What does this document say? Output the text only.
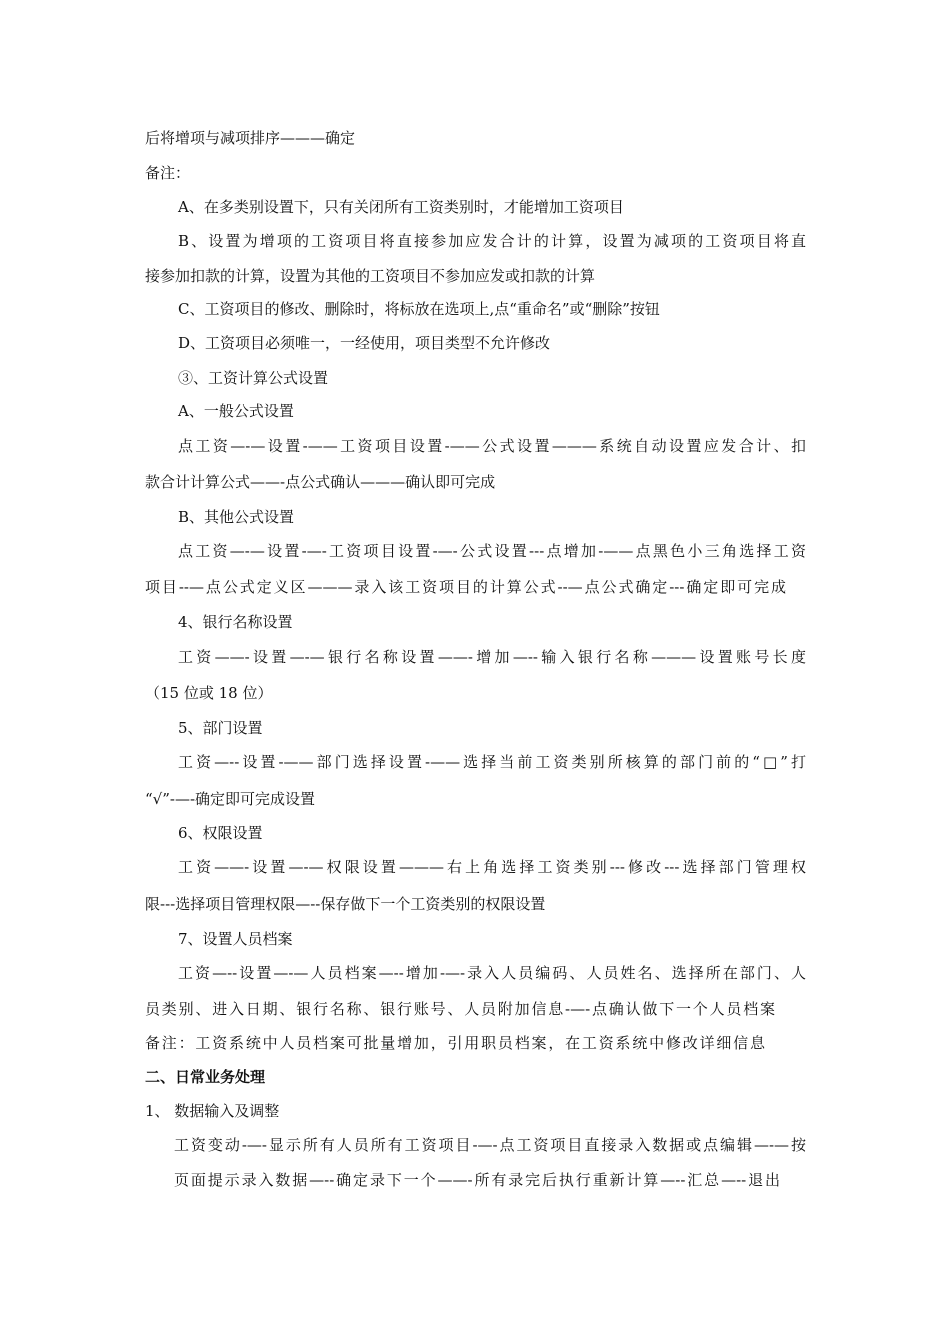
后将增项与减项排序———确定
备注：
A、在多类别设置下，只有关闭所有工资类别时，才能增加工资项目
B、设置为增项的工资项目将直接参加应发合计的计算，设置为减项的工资项目将直
接参加扣款的计算，设置为其他的工资项目不参加应发或扣款的计算
C、工资项目的修改、删除时，将标放在选项上,点“重命名”或“删除”按钮
D、工资项目必须唯一，一经使用，项目类型不允许修改
③、工资计算公式设置
A、一般公式设置
点工资—-—设置-——工资项目设置-——公式设置———系统自动设置应发合计、扣
款合计计算公式——-点公式确认———确认即可完成
B、其他公式设置
点工资—-—设置-—-工资项目设置-—-公式设置---点增加-——点黑色小三角选择工资
项目--—点公式定义区———录入该工资项目的计算公式--—点公式确定---确定即可完成
4、银行名称设置
工资——-设置—-—银行名称设置——-增加—--输入银行名称———设置账号长度
（15 位或 18 位）
5、部门设置
工资—--设置-——部门选择设置-——选择当前工资类别所核算的部门前的“□”打
“√”-—-确定即可完成设置
6、权限设置
工资——-设置—-—权限设置———右上角选择工资类别---修改---选择部门管理权
限---选择项目管理权限—--保存做下一个工资类别的权限设置
7、设置人员档案
工资—--设置—-—人员档案—--增加-—-录入人员编码、人员姓名、选择所在部门、人
员类别、进入日期、银行名称、银行账号、人员附加信息-—-点确认做下一个人员档案
备注：工资系统中人员档案可批量增加，引用职员档案，在工资系统中修改详细信息
二、日常业务处理
1、 数据输入及调整
工资变动-—-显示所有人员所有工资项目-—-点工资项目直接录入数据或点编辑—-—按
页面提示录入数据—--确定录下一个——-所有录完后执行重新计算—--汇总—--退出
